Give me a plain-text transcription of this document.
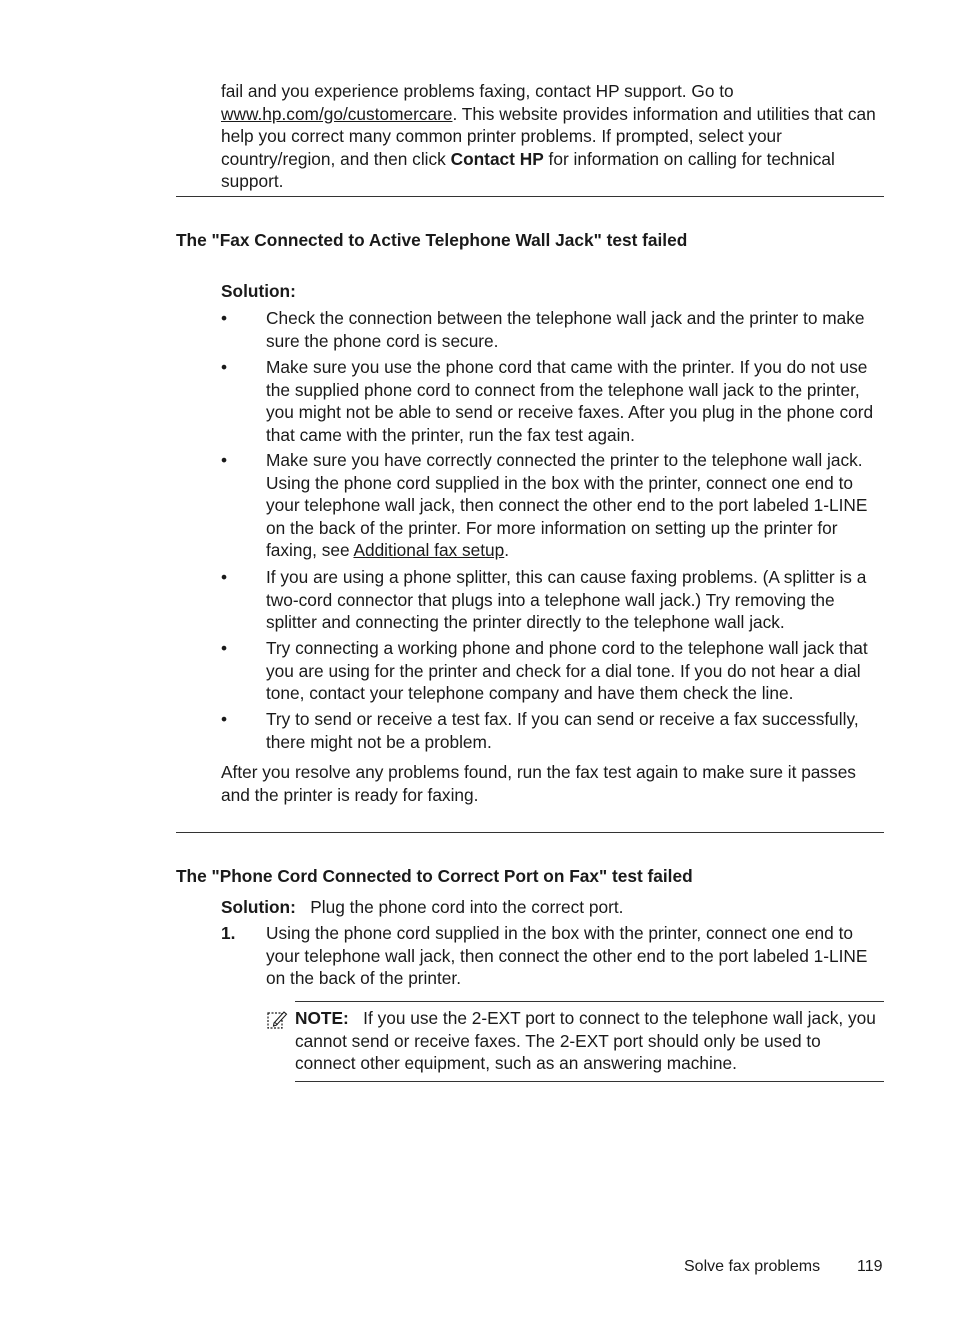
fail and you experience problems faxing, contact HP support. Go to www.hp.com/go/customercare. This website provides information and utilities that can help you correct many common printer problems. If prompted, select your country/region, and then click Contact HP for information on calling for technical support.

The "Fax Connected to Active Telephone Wall Jack" test failed

Solution:

• Check the connection between the telephone wall jack and the printer to make sure the phone cord is secure.
• Make sure you use the phone cord that came with the printer. If you do not use the supplied phone cord to connect from the telephone wall jack to the printer, you might not be able to send or receive faxes. After you plug in the phone cord that came with the printer, run the fax test again.
• Make sure you have correctly connected the printer to the telephone wall jack. Using the phone cord supplied in the box with the printer, connect one end to your telephone wall jack, then connect the other end to the port labeled 1-LINE on the back of the printer. For more information on setting up the printer for faxing, see Additional fax setup.
• If you are using a phone splitter, this can cause faxing problems. (A splitter is a two-cord connector that plugs into a telephone wall jack.) Try removing the splitter and connecting the printer directly to the telephone wall jack.
• Try connecting a working phone and phone cord to the telephone wall jack that you are using for the printer and check for a dial tone. If you do not hear a dial tone, contact your telephone company and have them check the line.
• Try to send or receive a test fax. If you can send or receive a fax successfully, there might not be a problem.

After you resolve any problems found, run the fax test again to make sure it passes and the printer is ready for faxing.

The "Phone Cord Connected to Correct Port on Fax" test failed

Solution: Plug the phone cord into the correct port.

1. Using the phone cord supplied in the box with the printer, connect one end to your telephone wall jack, then connect the other end to the port labeled 1-LINE on the back of the printer.

NOTE: If you use the 2-EXT port to connect to the telephone wall jack, you cannot send or receive faxes. The 2-EXT port should only be used to connect other equipment, such as an answering machine.

Solve fax problems 119
